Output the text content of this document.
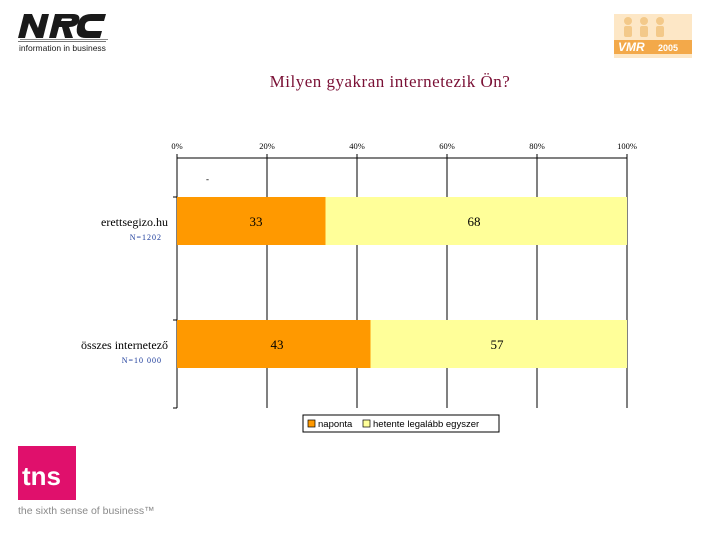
information in business	VMR 2005
Milyen gyakran internetezik Ön?
-
0%	20%	40%	60%	80%	100%
33	68
43	57
erettsegizo.hu
N=1202
összes internetező
N=10 000
naponta hetente legalább egyszer
tns
the sixth sense of business™
